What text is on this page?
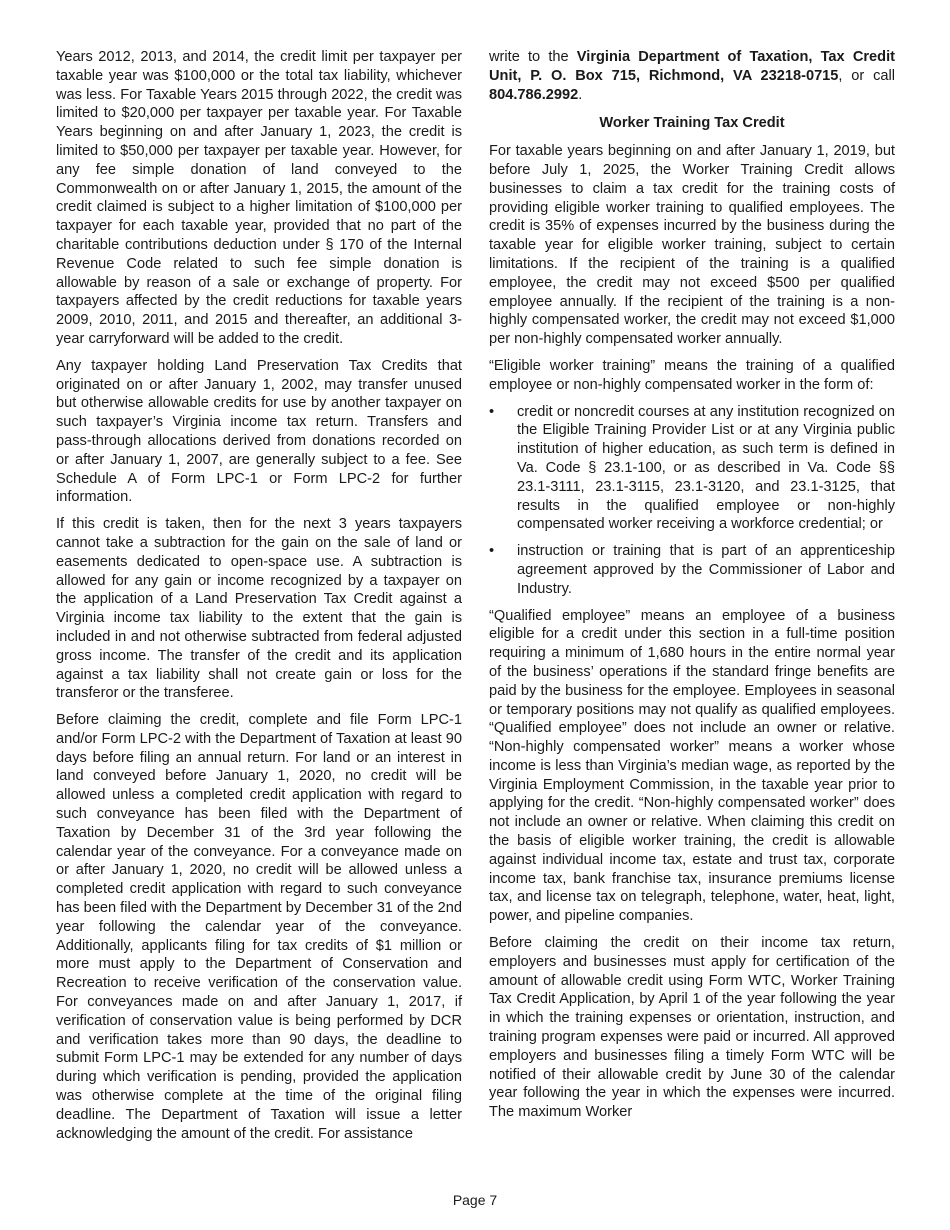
Years 2012, 2013, and 2014, the credit limit per taxpayer per taxable year was $100,000 or the total tax liability, whichever was less. For Taxable Years 2015 through 2022, the credit was limited to $20,000 per taxpayer per taxable year. For Taxable Years beginning on and after January 1, 2023, the credit is limited to $50,000 per taxpayer per taxable year. However, for any fee simple donation of land conveyed to the Commonwealth on or after January 1, 2015, the amount of the credit claimed is subject to a higher limitation of $100,000 per taxpayer for each taxable year, provided that no part of the charitable contributions deduction under § 170 of the Internal Revenue Code related to such fee simple donation is allowable by reason of a sale or exchange of property. For taxpayers affected by the credit reductions for taxable years 2009, 2010, 2011, and 2015 and thereafter, an additional 3-year carryforward will be added to the credit.

Any taxpayer holding Land Preservation Tax Credits that originated on or after January 1, 2002, may transfer unused but otherwise allowable credits for use by another taxpayer on such taxpayer’s Virginia income tax return. Transfers and pass-through allocations derived from donations recorded on or after January 1, 2007, are generally subject to a fee. See Schedule A of Form LPC-1 or Form LPC-2 for further information.

If this credit is taken, then for the next 3 years taxpayers cannot take a subtraction for the gain on the sale of land or easements dedicated to open-space use. A subtraction is allowed for any gain or income recognized by a taxpayer on the application of a Land Preservation Tax Credit against a Virginia income tax liability to the extent that the gain is included in and not otherwise subtracted from federal adjusted gross income. The transfer of the credit and its application against a tax liability shall not create gain or loss for the transferor or the transferee.

Before claiming the credit, complete and file Form LPC-1 and/or Form LPC-2 with the Department of Taxation at least 90 days before filing an annual return. For land or an interest in land conveyed before January 1, 2020, no credit will be allowed unless a completed credit application with regard to such conveyance has been filed with the Department of Taxation by December 31 of the 3rd year following the calendar year of the conveyance. For a conveyance made on or after January 1, 2020, no credit will be allowed unless a completed credit application with regard to such conveyance has been filed with the Department by December 31 of the 2nd year following the calendar year of the conveyance. Additionally, applicants filing for tax credits of $1 million or more must apply to the Department of Conservation and Recreation to receive verification of the conservation value. For conveyances made on and after January 1, 2017, if verification of conservation value is being performed by DCR and verification takes more than 90 days, the deadline to submit Form LPC-1 may be extended for any number of days during which verification is pending, provided the application was otherwise complete at the time of the original filing deadline. The Department of Taxation will issue a letter acknowledging the amount of the credit. For assistance

write to the Virginia Department of Taxation, Tax Credit Unit, P. O. Box 715, Richmond, VA 23218-0715, or call 804.786.2992.

Worker Training Tax Credit

For taxable years beginning on and after January 1, 2019, but before July 1, 2025, the Worker Training Credit allows businesses to claim a tax credit for the training costs of providing eligible worker training to qualified employees. The credit is 35% of expenses incurred by the business during the taxable year for eligible worker training, subject to certain limitations. If the recipient of the training is a qualified employee, the credit may not exceed $500 per qualified employee annually. If the recipient of the training is a non-highly compensated worker, the credit may not exceed $1,000 per non-highly compensated worker annually.

“Eligible worker training” means the training of a qualified employee or non-highly compensated worker in the form of:

• credit or noncredit courses at any institution recognized on the Eligible Training Provider List or at any Virginia public institution of higher education, as such term is defined in Va. Code § 23.1-100, or as described in Va. Code §§ 23.1-3111, 23.1-3115, 23.1-3120, and 23.1-3125, that results in the qualified employee or non-highly compensated worker receiving a workforce credential; or
• instruction or training that is part of an apprenticeship agreement approved by the Commissioner of Labor and Industry.

“Qualified employee” means an employee of a business eligible for a credit under this section in a full-time position requiring a minimum of 1,680 hours in the entire normal year of the business’ operations if the standard fringe benefits are paid by the business for the employee. Employees in seasonal or temporary positions may not qualify as qualified employees. “Qualified employee” does not include an owner or relative. “Non-highly compensated worker” means a worker whose income is less than Virginia’s median wage, as reported by the Virginia Employment Commission, in the taxable year prior to applying for the credit. “Non-highly compensated worker” does not include an owner or relative. When claiming this credit on the basis of eligible worker training, the credit is allowable against individual income tax, estate and trust tax, corporate income tax, bank franchise tax, insurance premiums license tax, and license tax on telegraph, telephone, water, heat, light, power, and pipeline companies.

Before claiming the credit on their income tax return, employers and businesses must apply for certification of the amount of allowable credit using Form WTC, Worker Training Tax Credit Application, by April 1 of the year following the year in which the training expenses or orientation, instruction, and training program expenses were paid or incurred. All approved employers and businesses filing a timely Form WTC will be notified of their allowable credit by June 30 of the calendar year following the year in which the expenses were incurred. The maximum Worker

Page 7
